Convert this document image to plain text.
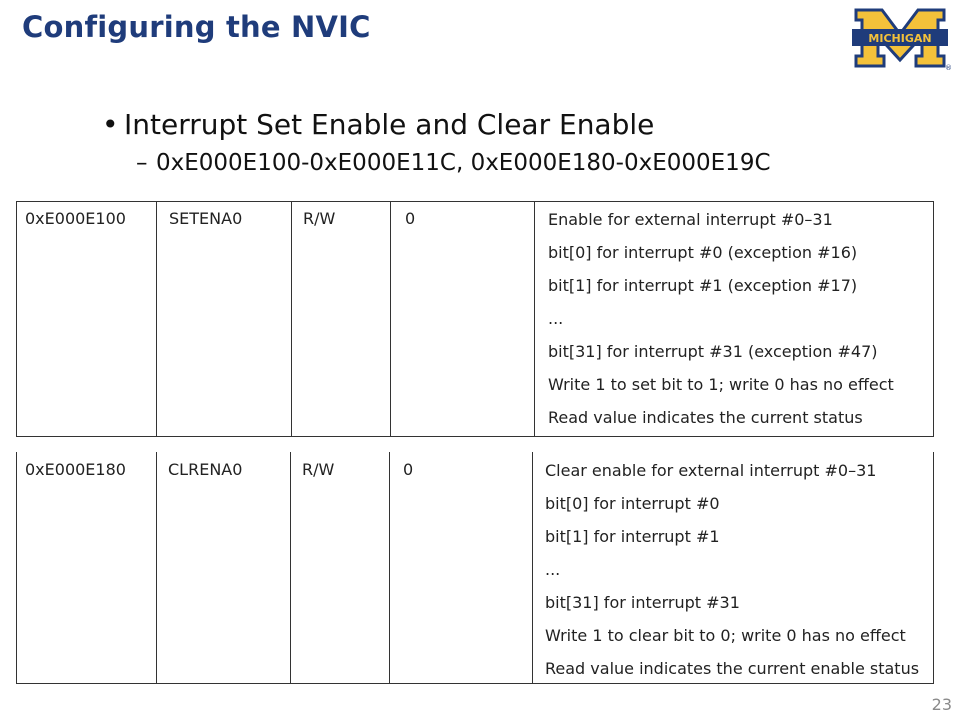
Configuring the NVIC	MICHIGAN
®
• Interrupt Set Enable and Clear Enable
– 0xE000E100-0xE000E11C, 0xE000E180-0xE000E19C
0xE000E100	SETENA0	R/W	0	Enable for external interrupt #0–31
bit[0] for interrupt #0 (exception #16)
bit[1] for interrupt #1 (exception #17)
...
bit[31] for interrupt #31 (exception #47)
Write 1 to set bit to 1; write 0 has no effect
Read value indicates the current status
0xE000E180	CLRENA0	R/W	0	Clear enable for external interrupt #0–31
bit[0] for interrupt #0
bit[1] for interrupt #1
...
bit[31] for interrupt #31
Write 1 to clear bit to 0; write 0 has no effect
Read value indicates the current enable status
23
